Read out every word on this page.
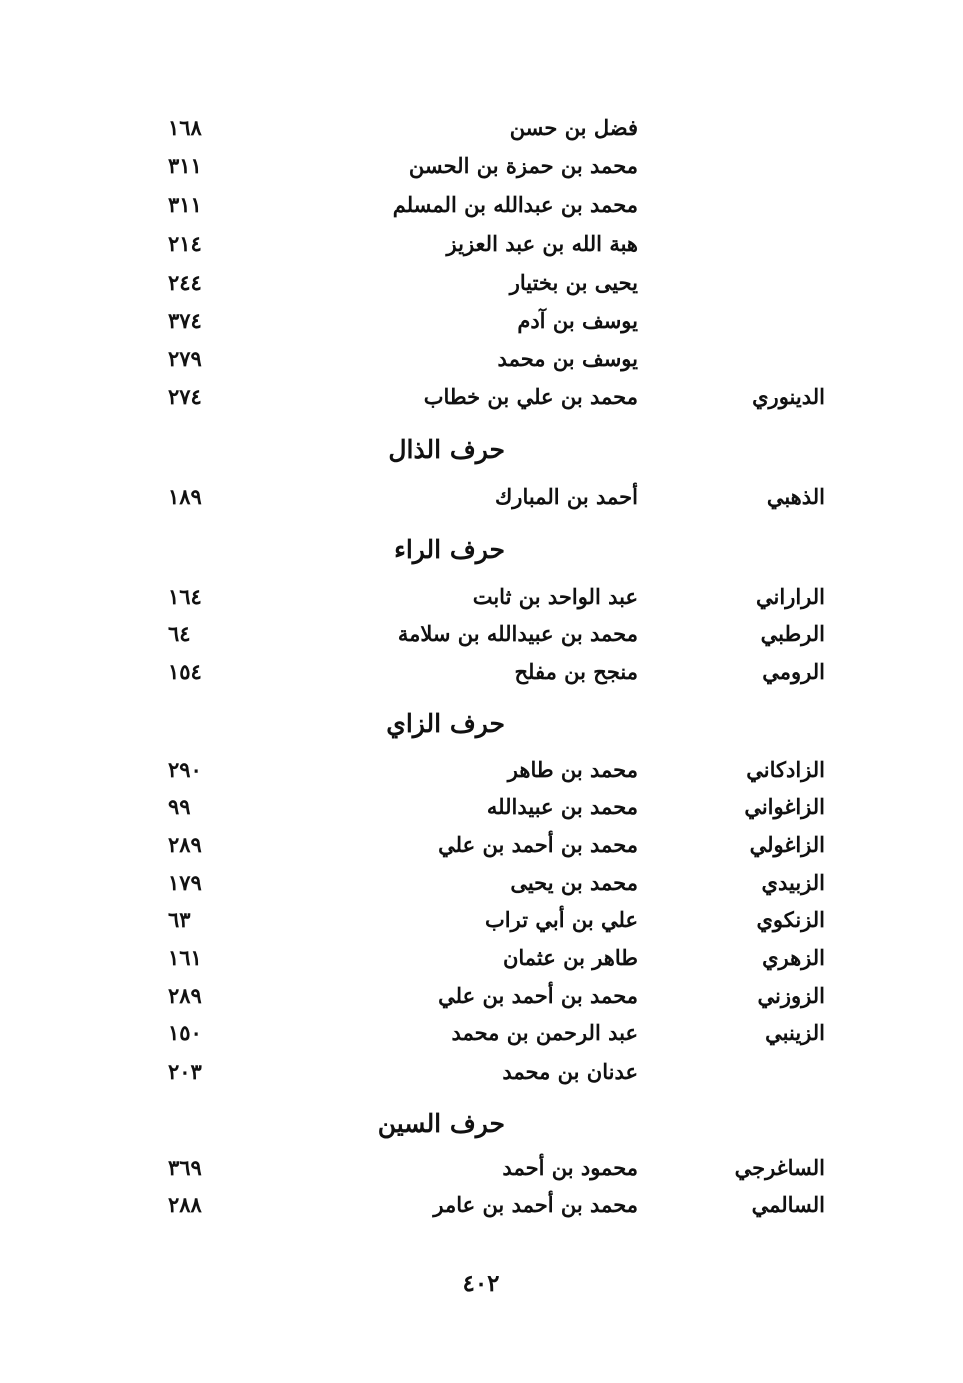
فضل بن حسن
١٦٨
محمد بن حمزة بن الحسن
٣١١
محمد بن عبدالله بن المسلم
٣١١
هبة الله بن عبد العزيز
٢١٤
يحيى بن بختيار
٢٤٤
يوسف بن آدم
٣٧٤
يوسف بن محمد
٢٧٩
الدينوري
محمد بن علي بن خطاب
٢٧٤
حرف الذال
الذهبي
أحمد بن المبارك
١٨٩
حرف الراء
الراراني
عبد الواحد بن ثابت
١٦٤
الرطبي
محمد بن عبيدالله بن سلامة
٦٤
الرومي
منجح بن مفلح
١٥٤
حرف الزاي
الزادكاني
محمد بن طاهر
٢٩٠
الزاغواني
محمد بن عبيدالله
٩٩
الزاغولي
محمد بن أحمد بن علي
٢٨٩
الزبيدي
محمد بن يحيى
١٧٩
الزنكوي
علي بن أبي تراب
٦٣
الزهري
طاهر بن عثمان
١٦١
الزوزني
محمد بن أحمد بن علي
٢٨٩
الزينبي
عبد الرحمن بن محمد
١٥٠
عدنان بن محمد
٢٠٣
حرف السين
الساغرجي
محمود بن أحمد
٣٦٩
السالمي
محمد بن أحمد بن عامر
٢٨٨
٤٠٢
